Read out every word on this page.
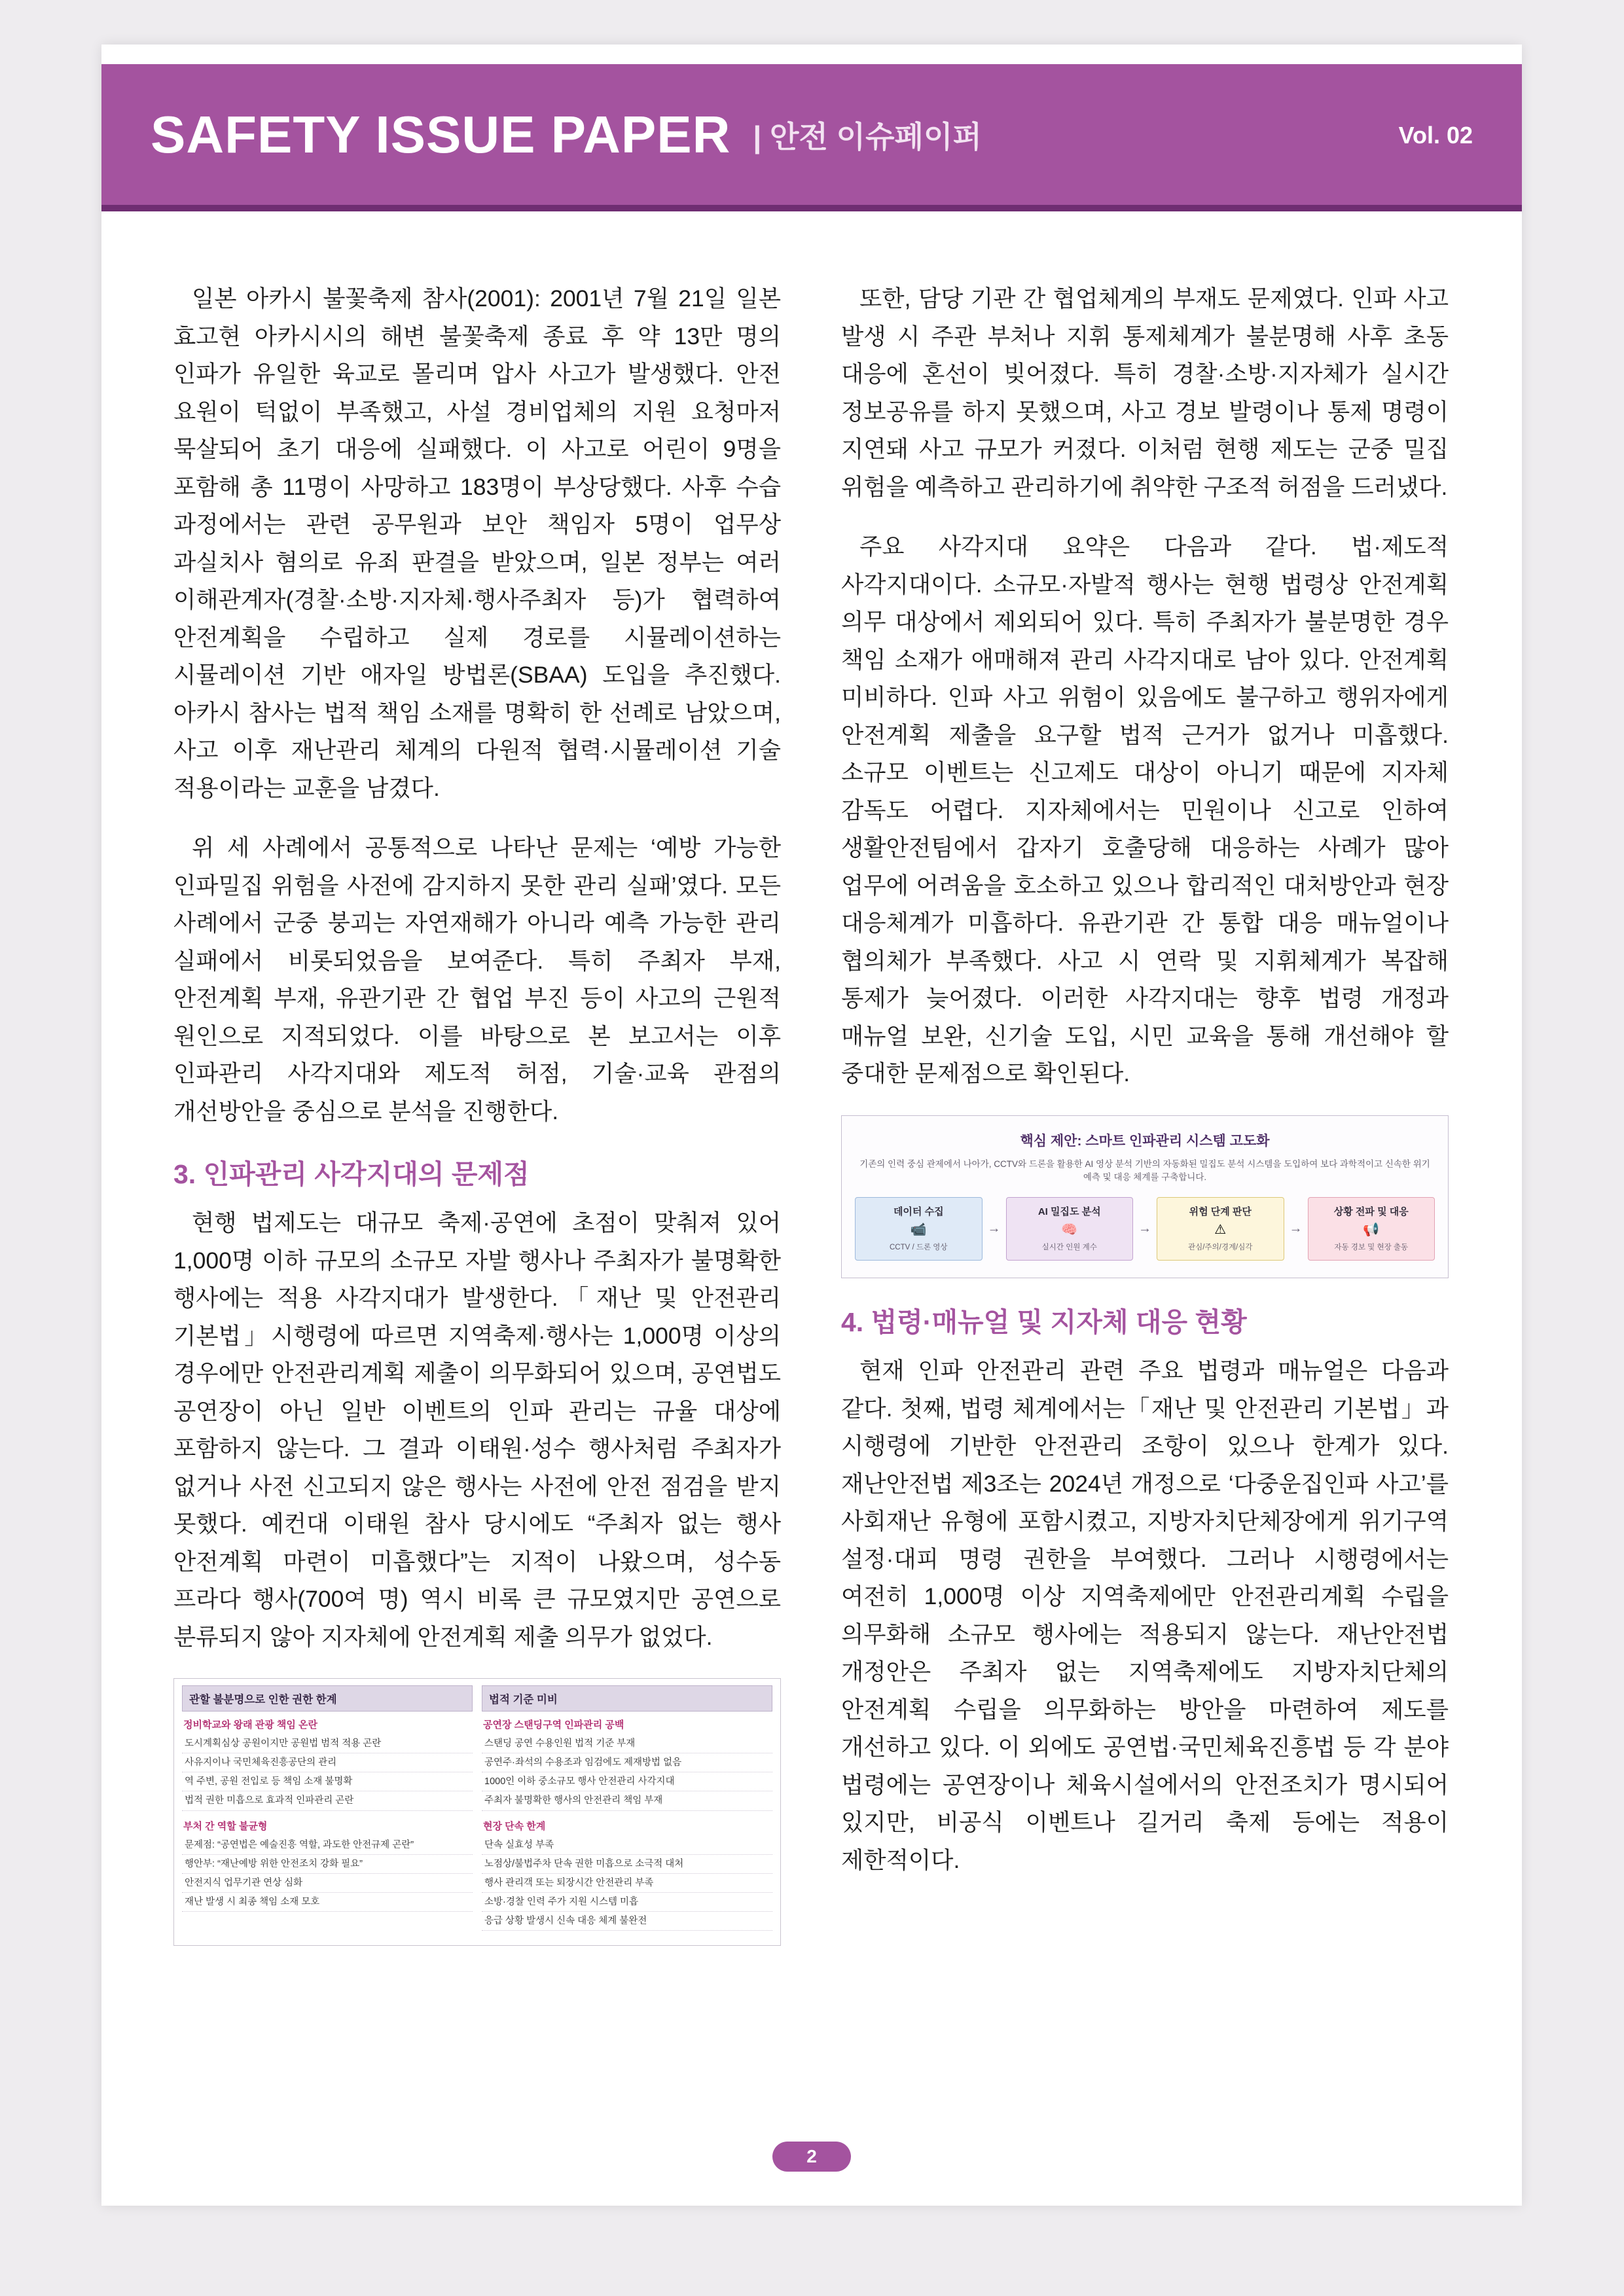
SAFETY ISSUE PAPER | 안전 이슈페이퍼	Vol. 02

일본 아카시 불꽃축제 참사(2001): 2001년 7월 21일 일본 효고현 아카시시의 해변 불꽃축제 종료 후 약 13만 명의 인파가 유일한 육교로 몰리며 압사 사고가 발생했다. 안전 요원이 턱없이 부족했고, 사설 경비업체의 지원 요청마저 묵살되어 초기 대응에 실패했다. 이 사고로 어린이 9명을 포함해 총 11명이 사망하고 183명이 부상당했다. 사후 수습 과정에서는 관련 공무원과 보안 책임자 5명이 업무상 과실치사 혐의로 유죄 판결을 받았으며, 일본 정부는 여러 이해관계자(경찰·소방·지자체·행사주최자 등)가 협력하여 안전계획을 수립하고 실제 경로를 시뮬레이션하는 시뮬레이션 기반 애자일 방법론(SBAA) 도입을 추진했다. 아카시 참사는 법적 책임 소재를 명확히 한 선례로 남았으며, 사고 이후 재난관리 체계의 다원적 협력·시뮬레이션 기술 적용이라는 교훈을 남겼다.

위 세 사례에서 공통적으로 나타난 문제는 ‘예방 가능한 인파밀집 위험을 사전에 감지하지 못한 관리 실패’였다. 모든 사례에서 군중 붕괴는 자연재해가 아니라 예측 가능한 관리 실패에서 비롯되었음을 보여준다. 특히 주최자 부재, 안전계획 부재, 유관기관 간 협업 부진 등이 사고의 근원적 원인으로 지적되었다. 이를 바탕으로 본 보고서는 이후 인파관리 사각지대와 제도적 허점, 기술·교육 관점의 개선방안을 중심으로 분석을 진행한다.

3. 인파관리 사각지대의 문제점

현행 법제도는 대규모 축제·공연에 초점이 맞춰져 있어 1,000명 이하 규모의 소규모 자발 행사나 주최자가 불명확한 행사에는 적용 사각지대가 발생한다.「재난 및 안전관리 기본법」시행령에 따르면 지역축제·행사는 1,000명 이상의 경우에만 안전관리계획 제출이 의무화되어 있으며, 공연법도 공연장이 아닌 일반 이벤트의 인파 관리는 규율 대상에 포함하지 않는다. 그 결과 이태원·성수 행사처럼 주최자가 없거나 사전 신고되지 않은 행사는 사전에 안전 점검을 받지 못했다. 예컨대 이태원 참사 당시에도 “주최자 없는 행사 안전계획 마련이 미흡했다”는 지적이 나왔으며, 성수동 프라다 행사(700여 명) 역시 비록 큰 규모였지만 공연으로 분류되지 않아 지자체에 안전계획 제출 의무가 없었다.

관할 불분명으로 인한 권한 한계
정비학교와 왕래 관광 책임 온란
도시계획심상 공원이지만 공원법 범적 적용 곤란
사유지이나 국민체육진흥공단의 관리
역 주변, 공원 전입로 등 책임 소재 불명확
법적 권한 미흡으로 효과적 인파관리 곤란
부처 간 역할 불균형
문제점: “공연법은 예술진흥 역할, 과도한 안전규제 곤란”
행안부: “재난예방 위한 안전조치 강화 필요”
안전지식 업무기관 연상 심화
재난 발생 시 최종 책임 소재 모호
법적 기준 미비
공연장 스탠딩구역 인파관리 공백
스탠딩 공연 수용인원 법적 기준 부재
공연주·좌석의 수용조과 임검에도 제재방법 없음
1000인 이하 중소규모 행사 안전관리 사각지대
주최자 불명확한 행사의 안전관리 책임 부재
현장 단속 한계
단속 실효성 부족
노점상/불법주차 단속 권한 미흡으로 소극적 대처
행사 관리객 또는 퇴장시간 안전관리 부족
소방·경찰 인력 주가 지원 시스템 미흡
응급 상황 발생시 신속 대응 체계 불완전

또한, 담당 기관 간 협업체계의 부재도 문제였다. 인파 사고 발생 시 주관 부처나 지휘 통제체계가 불분명해 사후 초동 대응에 혼선이 빚어졌다. 특히 경찰·소방·지자체가 실시간 정보공유를 하지 못했으며, 사고 경보 발령이나 통제 명령이 지연돼 사고 규모가 커졌다. 이처럼 현행 제도는 군중 밀집 위험을 예측하고 관리하기에 취약한 구조적 허점을 드러냈다.

주요 사각지대 요약은 다음과 같다. 법·제도적 사각지대이다. 소규모·자발적 행사는 현행 법령상 안전계획 의무 대상에서 제외되어 있다. 특히 주최자가 불분명한 경우 책임 소재가 애매해져 관리 사각지대로 남아 있다. 안전계획 미비하다. 인파 사고 위험이 있음에도 불구하고 행위자에게 안전계획 제출을 요구할 법적 근거가 없거나 미흡했다. 소규모 이벤트는 신고제도 대상이 아니기 때문에 지자체 감독도 어렵다. 지자체에서는 민원이나 신고로 인하여 생활안전팀에서 갑자기 호출당해 대응하는 사례가 많아 업무에 어려움을 호소하고 있으나 합리적인 대처방안과 현장 대응체계가 미흡하다. 유관기관 간 통합 대응 매뉴얼이나 협의체가 부족했다. 사고 시 연락 및 지휘체계가 복잡해 통제가 늦어졌다. 이러한 사각지대는 향후 법령 개정과 매뉴얼 보완, 신기술 도입, 시민 교육을 통해 개선해야 할 중대한 문제점으로 확인된다.

핵심 제안: 스마트 인파관리 시스템 고도화
기존의 인력 중심 관제에서 나아가, CCTV와 드론을 활용한 AI 영상 분석 기반의 자동화된 밀집도 분석 시스템을 도입하여 보다 과학적이고 신속한 위기 예측 및 대응 체계를 구축합니다.
데이터 수집
📹
CCTV / 드론 영상
→
AI 밀집도 분석
🧠
실시간 인원 계수
→
위험 단계 판단
⚠
관심/주의/경계/심각
→
상황 전파 및 대응
📢
자동 경보 및 현장 출동
4. 법령·매뉴얼 및 지자체 대응 현황

현재 인파 안전관리 관련 주요 법령과 매뉴얼은 다음과 같다. 첫째, 법령 체계에서는「재난 및 안전관리 기본법」과 시행령에 기반한 안전관리 조항이 있으나 한계가 있다. 재난안전법 제3조는 2024년 개정으로 ‘다중운집인파 사고’를 사회재난 유형에 포함시켰고, 지방자치단체장에게 위기구역 설정·대피 명령 권한을 부여했다. 그러나 시행령에서는 여전히 1,000명 이상 지역축제에만 안전관리계획 수립을 의무화해 소규모 행사에는 적용되지 않는다. 재난안전법 개정안은 주최자 없는 지역축제에도 지방자치단체의 안전계획 수립을 의무화하는 방안을 마련하여 제도를 개선하고 있다. 이 외에도 공연법·국민체육진흥법 등 각 분야 법령에는 공연장이나 체육시설에서의 안전조치가 명시되어 있지만, 비공식 이벤트나 길거리 축제 등에는 적용이 제한적이다.

2
